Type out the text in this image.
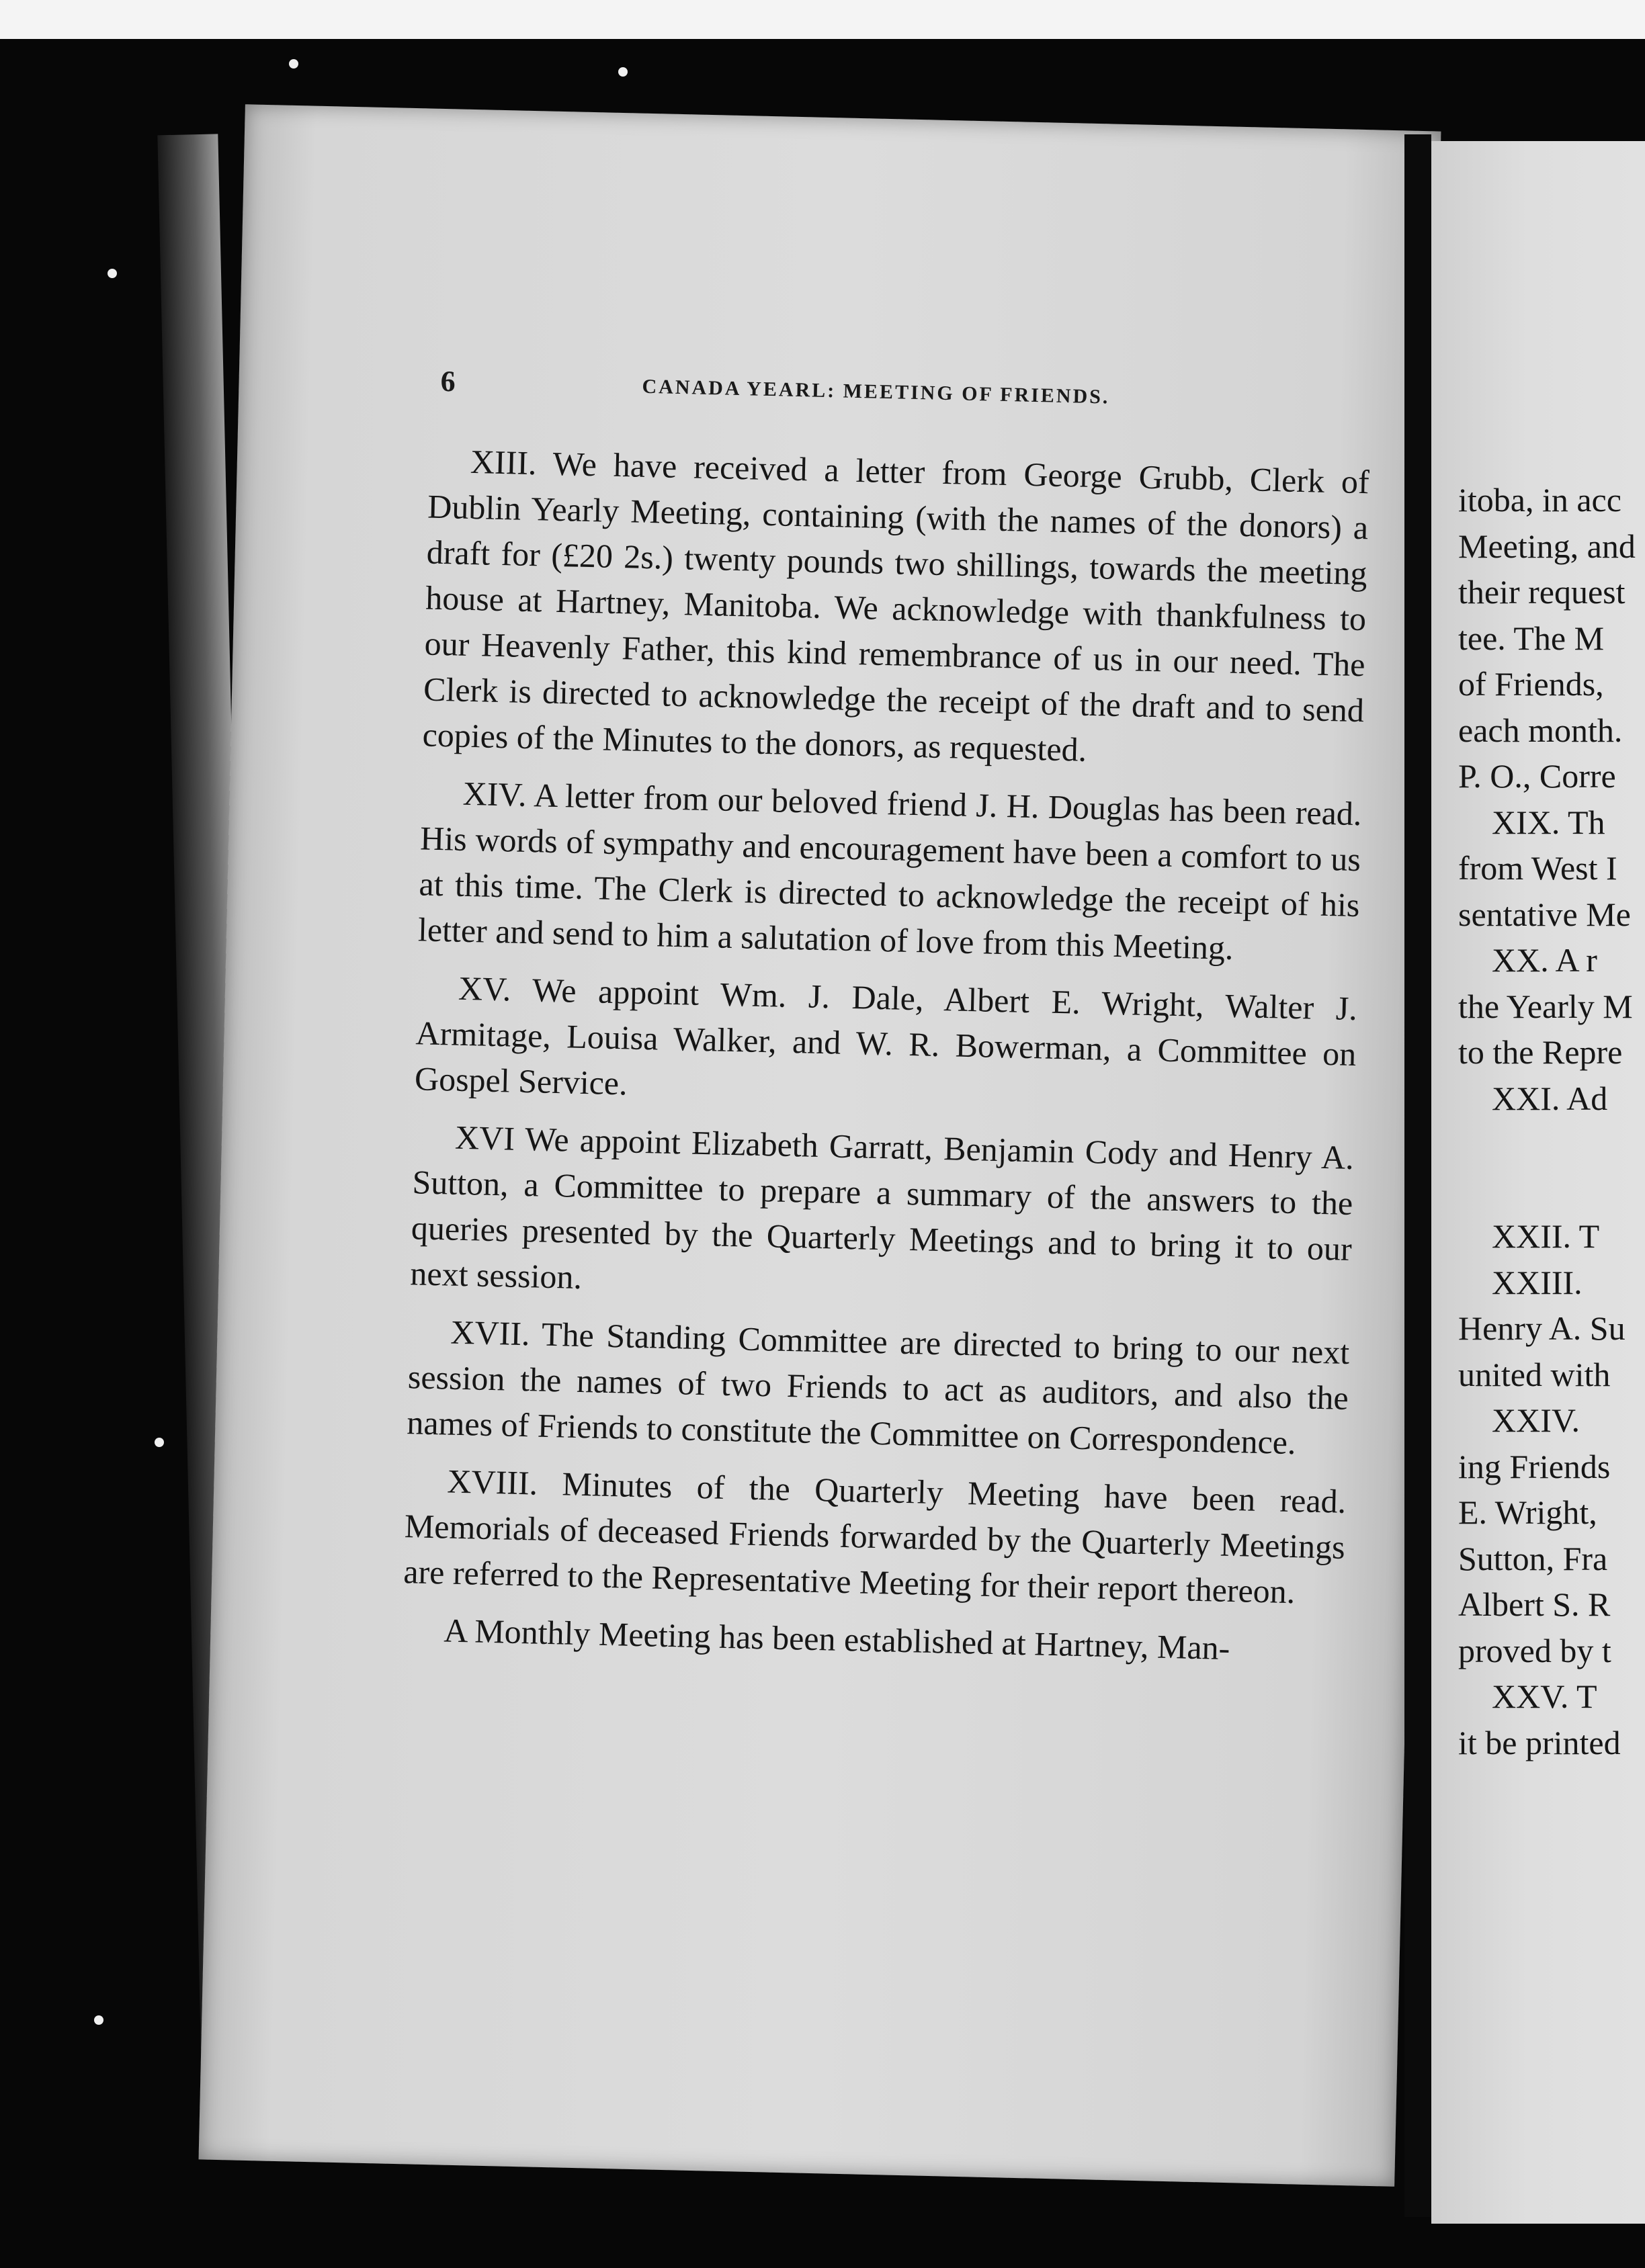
6	CANADA YEARL: MEETING OF FRIENDS.

XIII. We have received a letter from George Grubb, Clerk of Dublin Yearly Meeting, containing (with the names of the donors) a draft for (£20 2s.) twenty pounds two shillings, towards the meeting house at Hartney, Manitoba. We acknowledge with thankfulness to our Heavenly Father, this kind remembrance of us in our need. The Clerk is directed to acknowledge the receipt of the draft and to send copies of the Minutes to the donors, as requested.

XIV. A letter from our beloved friend J. H. Douglas has been read. His words of sympathy and encouragement have been a comfort to us at this time. The Clerk is directed to acknowledge the receipt of his letter and send to him a salutation of love from this Meeting.

XV. We appoint Wm. J. Dale, Albert E. Wright, Walter J. Armitage, Louisa Walker, and W. R. Bowerman, a Committee on Gospel Service.

XVI We appoint Elizabeth Garratt, Benjamin Cody and Henry A. Sutton, a Committee to prepare a summary of the answers to the queries presented by the Quarterly Meetings and to bring it to our next session.

XVII. The Standing Committee are directed to bring to our next session the names of two Friends to act as auditors, and also the names of Friends to constitute the Committee on Correspondence.

XVIII. Minutes of the Quarterly Meeting have been read. Memorials of deceased Friends forwarded by the Quarterly Meetings are referred to the Representative Meeting for their report thereon.

A Monthly Meeting has been established at Hartney, Man-

itoba, in acc
Meeting, and
their request
tee. The M
of Friends,
each month.
P. O., Corre
XIX. Th
from West I
sentative Me
XX. A r
the Yearly M
to the Repre
XXI. Ad
XXII. T
XXIII.
Henry A. Su
united with
XXIV.
ing Friends
E. Wright,
Sutton, Fra
Albert S. R
proved by t
XXV. T
it be printed
